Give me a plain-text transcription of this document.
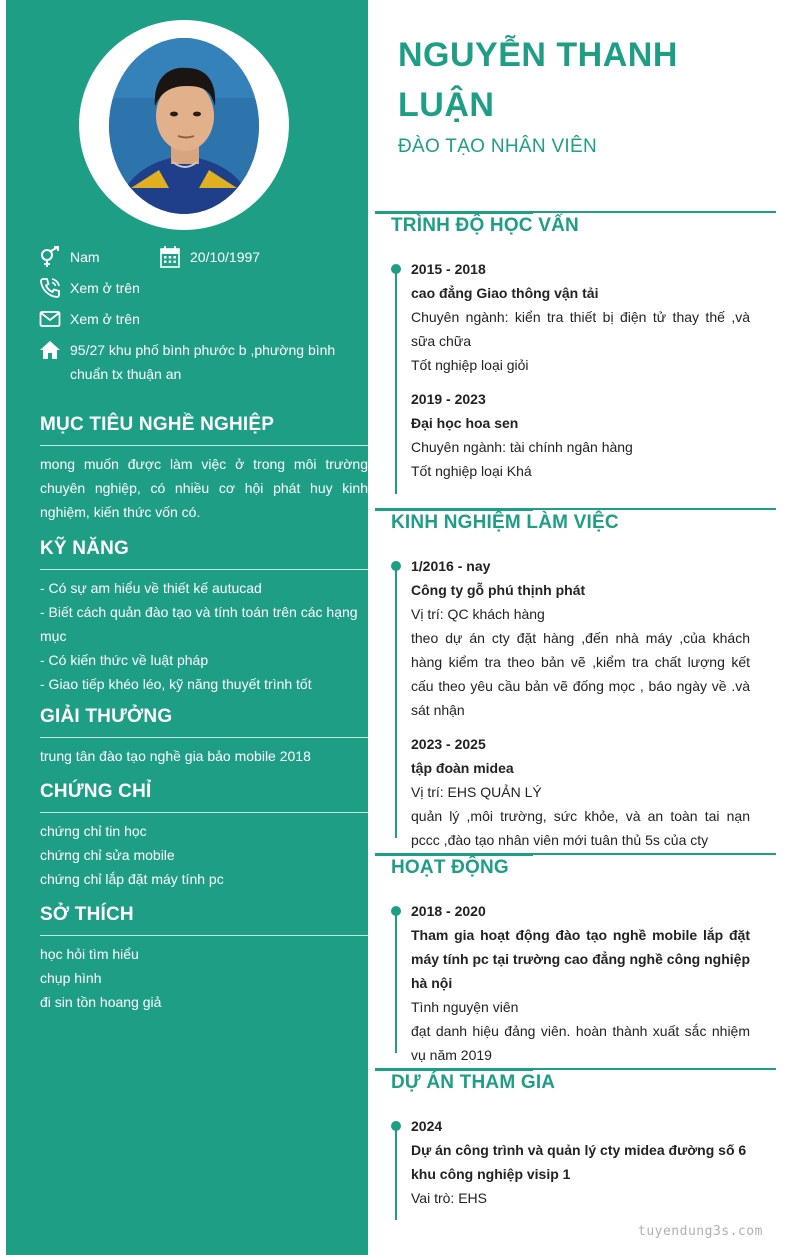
Nam	20/10/1997
Xem ở trên
Xem ở trên
95/27 khu phố bình phước b ,phường bình chuẩn tx thuận an
MỤC TIÊU NGHỀ NGHIỆP
mong muốn được làm việc ở trong môi trường chuyên nghiệp, có nhiều cơ hội phát huy kinh nghiệm, kiến thức vốn có.
KỸ NĂNG

- Có sự am hiểu về thiết kế autucad

- Biết cách quản đào tạo và tính toán trên các hạng mục

- Có kiến thức về luật pháp

- Giao tiếp khéo léo, kỹ năng thuyết trình tốt

GIẢI THƯỞNG

trung tân đào tạo nghề gia bảo mobile 2018

CHỨNG CHỈ

chứng chỉ tin học

chứng chỉ sửa mobile

chứng chỉ lắp đặt máy tính pc

SỞ THÍCH

học hỏi tìm hiểu

chụp hình

đi sin tồn hoang giả

NGUYỄN THANH LUẬN
ĐÀO TẠO NHÂN VIÊN
TRÌNH ĐỘ HỌC VẤN
2015 - 2018
cao đẳng Giao thông vận tải

Chuyên ngành: kiển tra thiết bị điện tử thay thế ,và sữa chữa

Tốt nghiệp loại giỏi

2019 - 2023
Đại học hoa sen

Chuyên ngành: tài chính ngân hàng

Tốt nghiệp loại Khá

KINH NGHIỆM LÀM VIỆC
1/2016 - nay
Công ty gỗ phú thịnh phát

Vị trí: QC khách hàng

theo dự án cty đặt hàng ,đến nhà máy ,của khách hàng kiểm tra theo bản vẽ ,kiểm tra chất lượng kết cấu theo yêu cầu bản vẽ đống mọc , báo ngày về .và sát nhận

2023 - 2025
tập đoàn midea

Vị trí: EHS QUẢN LÝ

quản lý ,môi trường, sức khỏe, và an toàn tai nạn pccc ,đào tạo nhân viên mới tuân thủ 5s của cty

HOẠT ĐỘNG
2018 - 2020
Tham gia hoạt động đào tạo nghề mobile lắp đặt máy tính pc tại trường cao đẳng nghề công nghiệp hà nội

Tình nguyện viên

đạt danh hiệu đảng viên. hoàn thành xuất sắc nhiệm vụ năm 2019

DỰ ÁN THAM GIA
2024
Dự án công trình và quản lý cty midea đường số 6 khu công nghiệp visip 1

Vai trò: EHS

tuyendung3s.com
